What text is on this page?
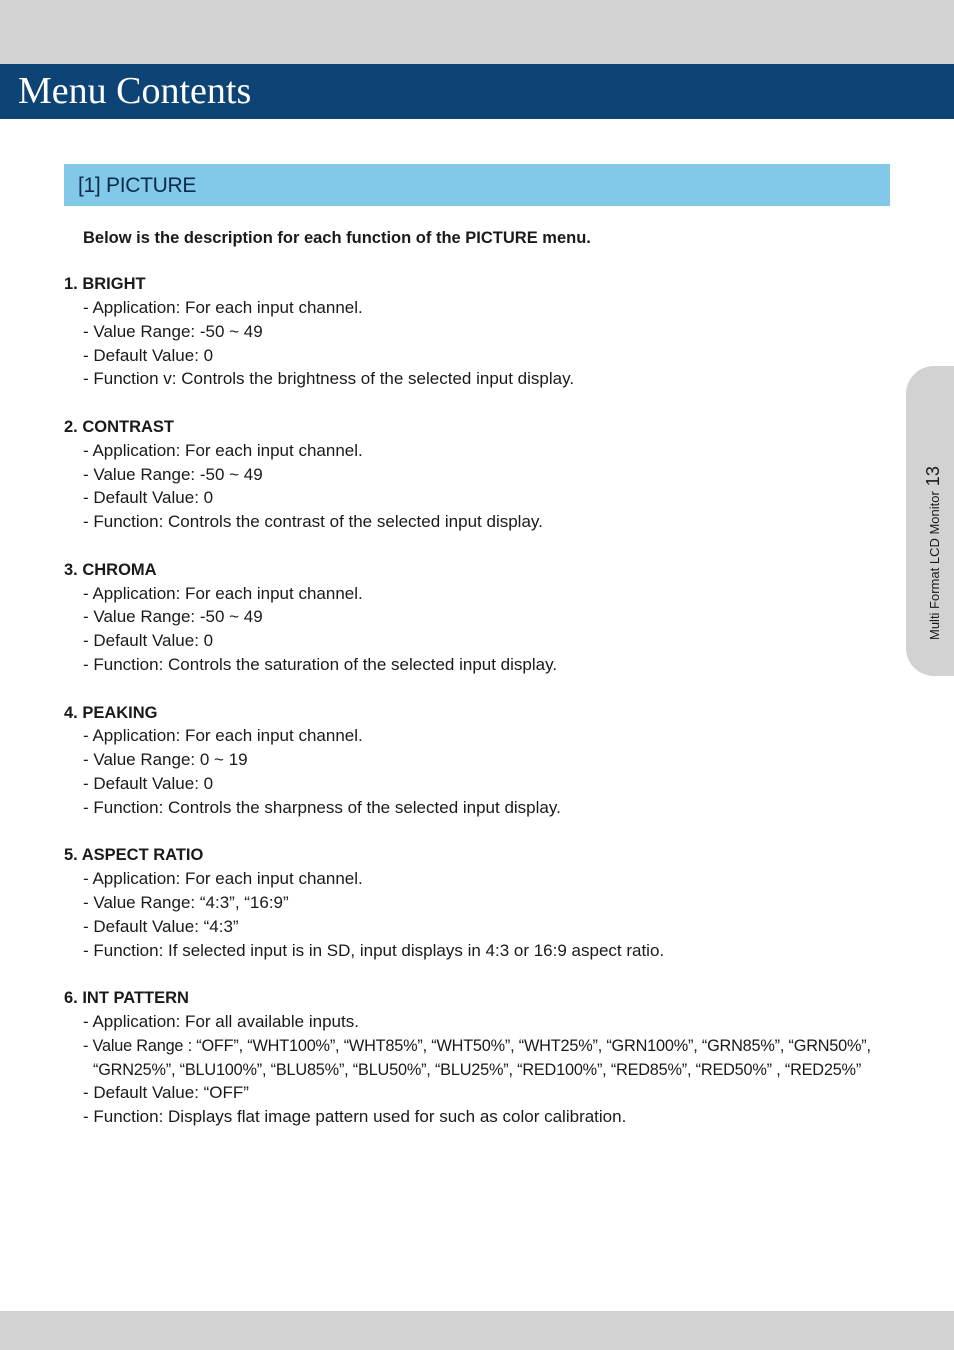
Menu Contents
[1] PICTURE

Below is the description for each function of the PICTURE menu.

1. BRIGHT

- Application: For each input channel.

- Value Range: -50 ~ 49

- Default Value: 0

- Function v: Controls the brightness of the selected input display.

2. CONTRAST

- Application: For each input channel.

- Value Range: -50 ~ 49

- Default Value: 0

- Function: Controls the contrast of the selected input display.

3. CHROMA

- Application: For each input channel.

- Value Range: -50 ~ 49

- Default Value: 0

- Function: Controls the saturation of the selected input display.

4. PEAKING

- Application: For each input channel.

- Value Range: 0 ~ 19

- Default Value: 0

- Function: Controls the sharpness of the selected input display.

5. ASPECT RATIO

- Application: For each input channel.

- Value Range: “4:3”, “16:9”

- Default Value: “4:3”

- Function: If selected input is in SD, input displays in 4:3 or 16:9 aspect ratio.

6. INT PATTERN

- Application: For all available inputs.

- Value Range : “OFF”, “WHT100%”, “WHT85%”, “WHT50%”, “WHT25%”, “GRN100%”, “GRN85%”, “GRN50%”,

“GRN25%”, “BLU100%”, “BLU85%”, “BLU50%”, “BLU25%”, “RED100%”, “RED85%”, “RED50%” , “RED25%”

- Default Value: “OFF”

- Function: Displays flat image pattern used for such as color calibration.

Multi Format LCD Monitor13
